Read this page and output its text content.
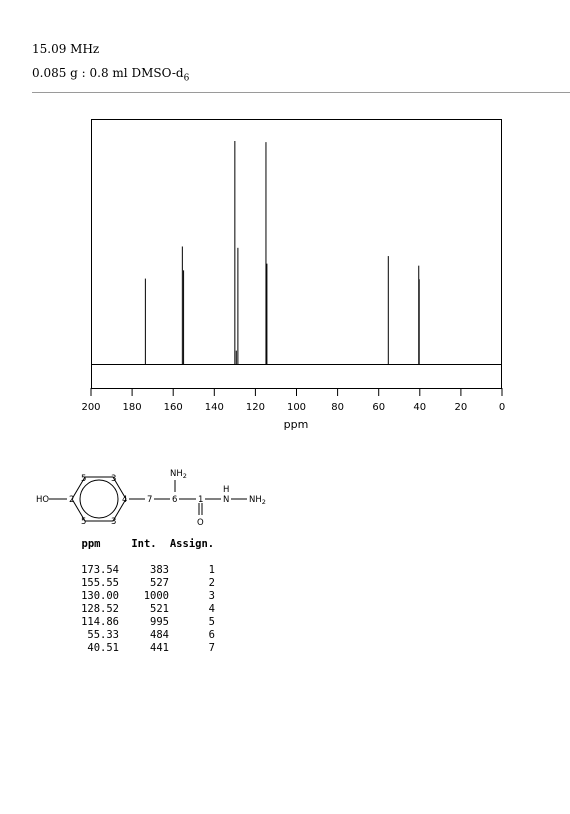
15.09 MHz
0.085 g : 0.8 ml DMSO-$d_6$
200 180 160 140 120 100	80	60	40	20	0
ppm
HO 2
5	3
4
5	3
7 6
$NH_2$
1
O
H
N $NH_2$
ppm	Int.	Assign.

173.54	383	1
155.55	527	2
130.00	1000	3
128.52	521	4
114.86	995	5
55.33	484	6
40.51	441	7
